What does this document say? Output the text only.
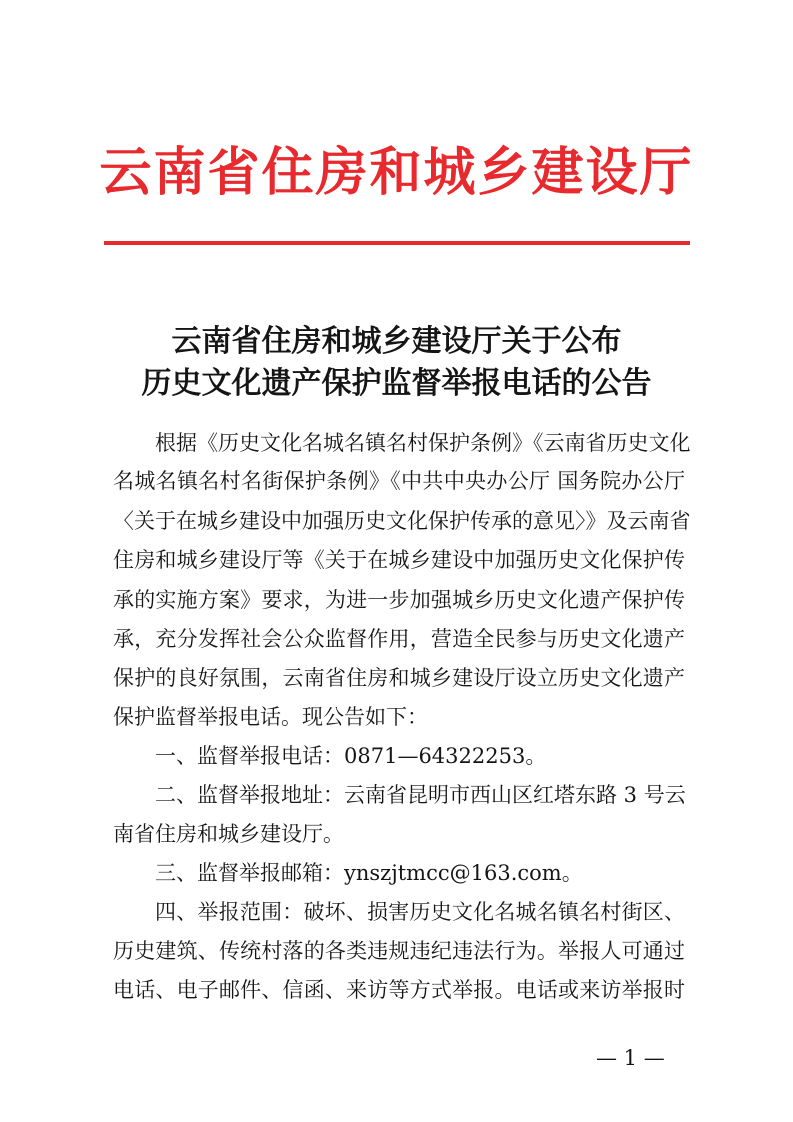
云南省住房和城乡建设厅
云南省住房和城乡建设厅关于公布
历史文化遗产保护监督举报电话的公告
根据《历史文化名城名镇名村保护条例》《云南省历史文化
名城名镇名村名街保护条例》《中共中央办公厅 国务院办公厅
〈关于在城乡建设中加强历史文化保护传承的意见〉》及云南省
住房和城乡建设厅等《关于在城乡建设中加强历史文化保护传
承的实施方案》要求，为进一步加强城乡历史文化遗产保护传
承，充分发挥社会公众监督作用，营造全民参与历史文化遗产
保护的良好氛围，云南省住房和城乡建设厅设立历史文化遗产
保护监督举报电话。现公告如下：
一、监督举报电话：0871—64322253。
二、监督举报地址：云南省昆明市西山区红塔东路 3 号云
南省住房和城乡建设厅。
三、监督举报邮箱：ynszjtmcc@163.com。
四、举报范围：破坏、损害历史文化名城名镇名村街区、
历史建筑、传统村落的各类违规违纪违法行为。举报人可通过
电话、电子邮件、信函、来访等方式举报。电话或来访举报时
— 1 —
